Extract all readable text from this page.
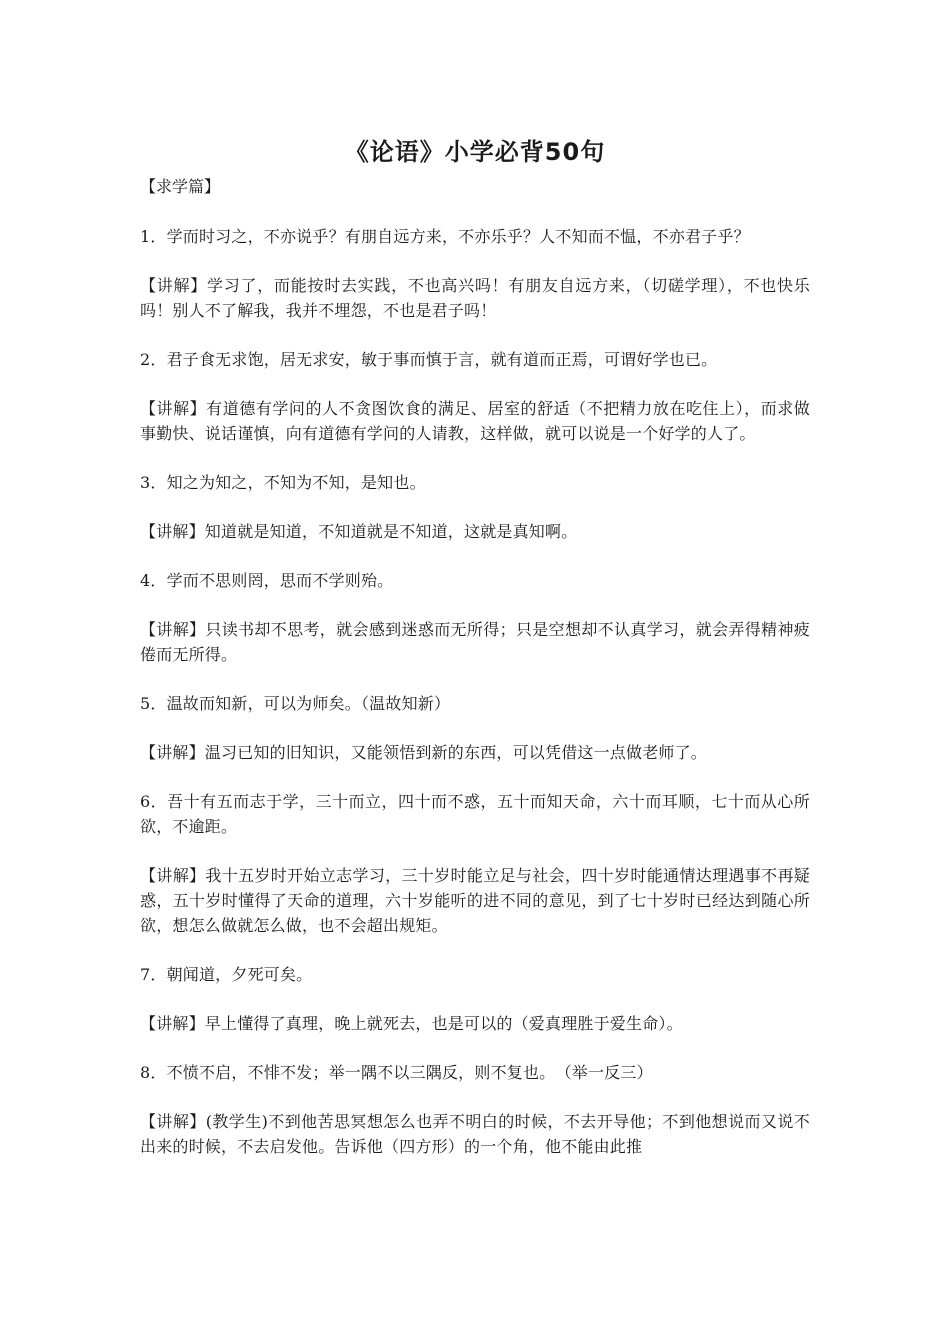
《论语》小学必背50句
【求学篇】
1．学而时习之，不亦说乎？有朋自远方来，不亦乐乎？人不知而不愠，不亦君子乎？
【讲解】学习了，而能按时去实践，不也高兴吗！有朋友自远方来，（切磋学理），不也快乐吗！别人不了解我，我并不埋怨，不也是君子吗！
2．君子食无求饱，居无求安，敏于事而慎于言，就有道而正焉，可谓好学也已。
【讲解】有道德有学问的人不贪图饮食的满足、居室的舒适（不把精力放在吃住上），而求做事勤快、说话谨慎，向有道德有学问的人请教，这样做，就可以说是一个好学的人了。
3．知之为知之，不知为不知，是知也。
【讲解】知道就是知道，不知道就是不知道，这就是真知啊。
4．学而不思则罔，思而不学则殆。
【讲解】只读书却不思考，就会感到迷惑而无所得；只是空想却不认真学习，就会弄得精神疲倦而无所得。
5．温故而知新，可以为师矣。（温故知新）
【讲解】温习已知的旧知识，又能领悟到新的东西，可以凭借这一点做老师了。
6．吾十有五而志于学，三十而立，四十而不惑，五十而知天命，六十而耳顺，七十而从心所欲，不逾距。
【讲解】我十五岁时开始立志学习，三十岁时能立足与社会，四十岁时能通情达理遇事不再疑惑，五十岁时懂得了天命的道理，六十岁能听的进不同的意见，到了七十岁时已经达到随心所欲，想怎么做就怎么做，也不会超出规矩。
7．朝闻道，夕死可矣。
【讲解】早上懂得了真理，晚上就死去，也是可以的（爱真理胜于爱生命）。
8．不愤不启，不悱不发；举一隅不以三隅反，则不复也。　（举一反三）
【讲解】(教学生)不到他苦思冥想怎么也弄不明白的时候，不去开导他；不到他想说而又说不出来的时候，不去启发他。告诉他（四方形）的一个角，他不能由此推
